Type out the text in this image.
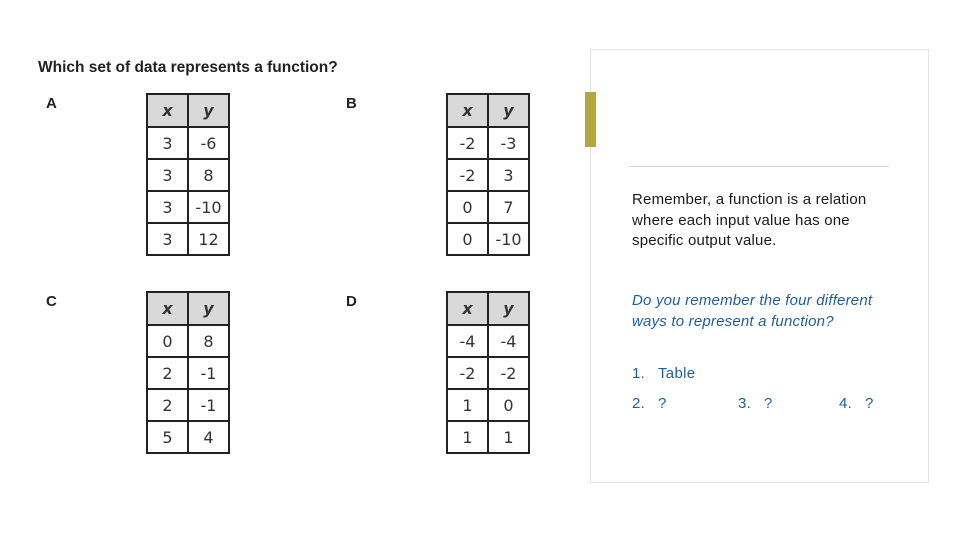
Which set of data represents a function?
A	x	y
3	-6
3	8
3	-10
3	12
B	x	y
-2	-3
-2	3
0	7
0	-10
C	x	y
0	8
2	-1
2	-1
5	4
D	x	y
-4	-4
-2	-2
1	0
1	1
Remember, a function is a relation where each input value has one specific output value.
Do you remember the four different ways to represent a function?
1. Table
2. ?	3. ?	4. ?
